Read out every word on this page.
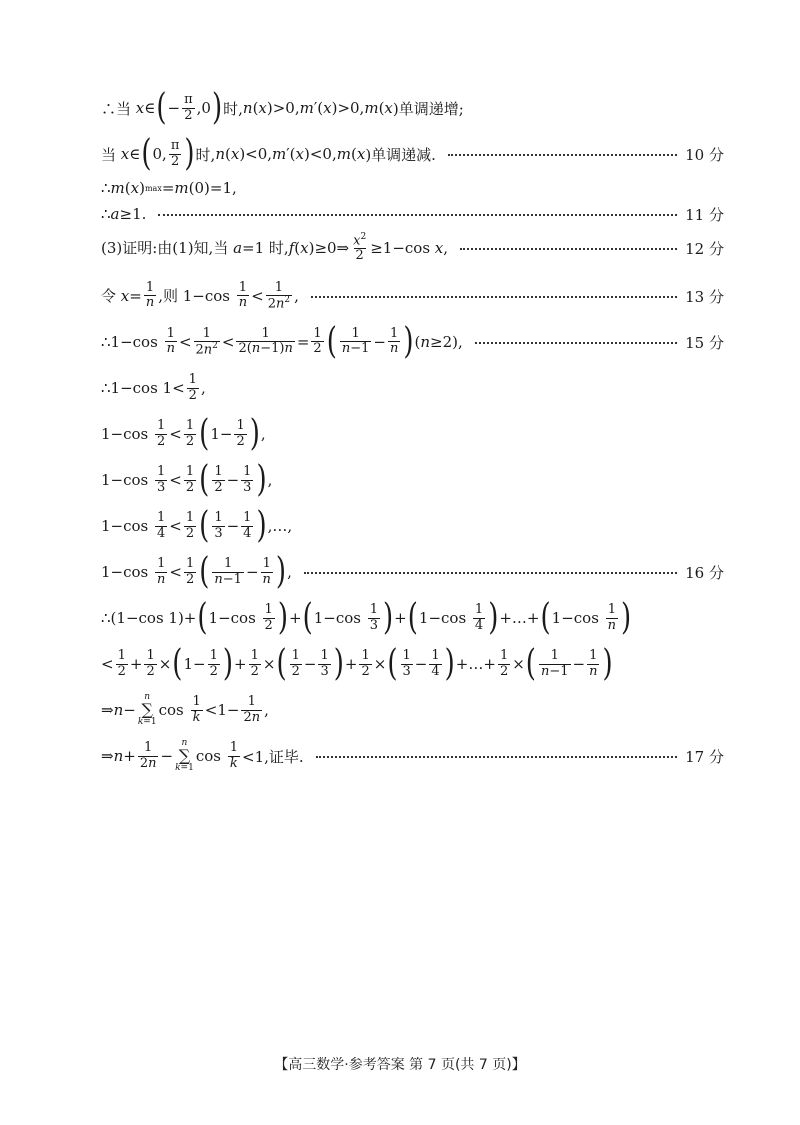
∴当 x ∈ ( − $\frac{\pi}{2} ,0$ ) 时, n ( x )>0, m ′( x )>0, m ( x )单调递增;
当 x ∈ ( 0, $\frac{\pi}{2}$ ) 时, n ( x )<0, m ′( x )<0, m ( x )单调递减.	10 分
∴ m ( x ) max = m (0)=1,
∴ a ≥1.	11 分
(3)证明:由(1)知,当 a =1 时, f ( x )≥0⇒ $\frac{x^2}{2} \ge 1-\cos$ x ,	12 分
令 $x = \frac{1}{n}$ ,则 $1-\cos \frac{1}{n} < \frac{1}{2n^2}$ ,	13 分
∴1−cos $\frac{1}{n} < \frac{1}{2n^2} < \frac{1}{2(n-1)n} = \frac{1}{2}$ ( $\frac{1}{n-1} - \frac{1}{n}$ ) ( n ≥2),	15 分
∴1−cos $1< \frac{1}{2}$ ,
$1-\cos \frac{1}{2} < \frac{1}{2}$ ( $1- \frac{1}{2}$ ) ,
$1-\cos \frac{1}{3} < \frac{1}{2}$ ( $\frac{1}{2} - \frac{1}{3}$ ) ,
$1-\cos \frac{1}{4} < \frac{1}{2}$ ( $\frac{1}{3} - \frac{1}{4}$ ) ,…,
$1-\cos \frac{1}{n} < \frac{1}{2}$ ( $\frac{1}{n-1} - \frac{1}{n}$ ) ,	16 分
∴(1−cos 1)+ ( $1-\cos \frac{1}{2}$ ) + ( $1-\cos \frac{1}{3}$ ) + ( $1-\cos \frac{1}{4}$ ) +…+ ( $1-\cos \frac{1}{n}$ )
< $\frac{1}{2} + \frac{1}{2}$ × ( $1- \frac{1}{2}$ ) + $\frac{1}{2}$ × ( $\frac{1}{2} - \frac{1}{3}$ ) + $\frac{1}{2}$ × ( $\frac{1}{3} - \frac{1}{4}$ ) +…+ $\frac{1}{2}$ × ( $\frac{1}{n-1} - \frac{1}{n}$ )
⇒ n −
n
∑
k=1
$\cos \frac{1}{k} <1- \frac{1}{2n}$ ,
⇒ $n + \frac{1}{2n}$ −
n
∑
k=1
$\cos \frac{1}{k} <1$,证毕.	17 分
【高三数学·参考答案 第 7 页(共 7 页)】
